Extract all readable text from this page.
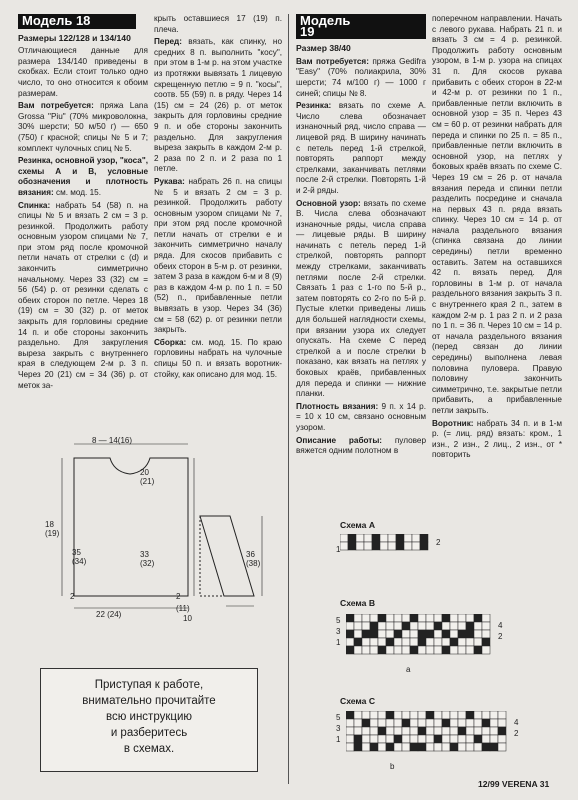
Модель 18
Размеры 122/128 и 134/140

Отличающиеся данные для размера 134/140 приведены в скобках. Если стоит только одно число, то оно относится к обоим размерам.

Вам потребуется: пряжа Lana Grossa "Piu" (70% микроволокна, 30% шерсти; 50 м/50 г) — 650 (750) г красной; спицы № 5 и 7; комплект чулочных спиц № 5.

Резинка, основной узор, "коса", схемы А и В, условные обозначения и плотность вязания: см. мод. 15.

Спинка: набрать 54 (58) п. на спицы № 5 и вязать 2 см = 3 р. резинкой. Продолжить работу основным узором спицами № 7, при этом ряд после кромочной петли начать от стрелки с (d) и закончить симметрично начальному. Через 33 (32) см = 56 (54) р. от резинки сделать с обеих сторон по петле. Через 18 (19) см = 30 (32) р. от меток закрыть для горловины средние 14 п. и обе стороны закончить раздельно. Для закругления выреза закрыть с внутреннего края в следующем 2-м р. 3 п. Через 20 (21) см = 34 (36) р. от меток за-

крыть оставшиеся 17 (19) п. плеча.

Перед: вязать, как спинку, но средних 8 п. выполнить "косу", при этом в 1-м р. на этом участке из протяжки вывязать 1 лицевую скрещенную петлю = 9 п. "косы", соотв. 55 (59) п. в ряду. Через 14 (15) см = 24 (26) р. от меток закрыть для горловины средние 9 п. и обе стороны закончить раздельно. Для закругления выреза закрыть в каждом 2-м р. 2 раза по 2 п. и 2 раза по 1 петле.

Рукава: набрать 26 п. на спицы № 5 и вязать 2 см = 3 р. резинкой. Продолжить работу основным узором спицами № 7, при этом ряд после кромочной петли начать от стрелки е и закончить симметрично началу ряда. Для скосов прибавить с обеих сторон в 5-м р. от резинки, затем 3 раза в каждом 6-м и 8 (9) раз в каждом 4-м р. по 1 п. = 50 (52) п., прибавленные петли вывязать в узор. Через 34 (36) см = 58 (62) р. от резинки петли закрыть.

Сборка: см. мод. 15. По краю горловины набрать на чулочные спицы 50 п. и вязать воротник-стойку, как описано для мод. 15.

Модель 19
Размер 38/40

Вам потребуется: пряжа Gedifra "Easy" (70% полиакрила, 30% шерсти; 74 м/100 г) — 1000 г синей; спицы № 8.

Резинка: вязать по схеме А. Число слева обозначает изнаночный ряд, число справа — лицевой ряд. В ширину начинать с петель перед 1-й стрелкой, повторять раппорт между стрелками, заканчивать петлями после 2-й стрелки. Повторять 1-й и 2-й ряды.

Основной узор: вязать по схеме В. Числа слева обозначают изнаночные ряды, числа справа — лицевые ряды. В ширину начинать с петель перед 1-й стрелкой, повторять раппорт между стрелками, заканчивать петлями после 2-й стрелки. Связать 1 раз с 1-го по 5-й р., затем повторять со 2-го по 5-й р. Пустые клетки приведены лишь для большей наглядности схемы, при вязании узора их следует опускать. На схеме С перед стрелкой а и после стрелки b показано, как вязать на петлях у боковых краёв, прибавленных для переда и спинки — нижние планки.

Плотность вязания: 9 п. х 14 р. = 10 х 10 см, связано основным узором.

Описание работы: пуловер вяжется одним полотном в

поперечном направлении. Начать с левого рукава. Набрать 21 п. и вязать 3 см = 4 р. резинкой. Продолжить работу основным узором, в 1-м р. узора на спицах 31 п. Для скосов рукава прибавить с обеих сторон в 22-м и 42-м р. от резинки по 1 п., прибавленные петли включить в основной узор = 35 п. Через 43 см = 60 р. от резинки набрать для переда и спинки по 25 п. = 85 п., прибавленные петли включить в основной узор, на петлях у боковых краёв вязать по схеме С. Через 19 см = 26 р. от начала вязания переда и спинки петли разделить посредине и сначала на первых 43 п. ряда вязать спинку. Через 10 см = 14 р. от начала раздельного вязания (спинка связана до линии середины) петли временно оставить. Затем на оставшихся 42 п. вязать перед. Для горловины в 1-м р. от начала раздельного вязания закрыть 3 п. с внутреннего края 2 п., затем в каждом 2-м р. 1 раз 2 п. и 2 раза по 1 п. = 36 п. Через 10 см = 14 р. от начала раздельного вязания (перед связан до линии середины) выполнена левая половина пуловера. Правую половину закончить симметрично, т.е. закрытые петли прибавить, а прибавленные петли закрыть.

Воротник: набрать 34 п. и в 1-м р. (= лиц. ряд) вязать: кром., 1 изн., 2 изн., 2 лиц., 2 изн., от * повторить

8 — 14(16)
20 (21)
18 (19)
33 (32)
35 (34)
36 (38)
2	2
22 (24)
(11)
10
Приступая к работе,
внимательно прочитайте
всю инструкцию
и разберитесь
в схемах.
Схема А
1
2
Схема В
5
3
1
4
2
a
Схема С
5
3
1
4
2
b
12/99 VERENA 31
